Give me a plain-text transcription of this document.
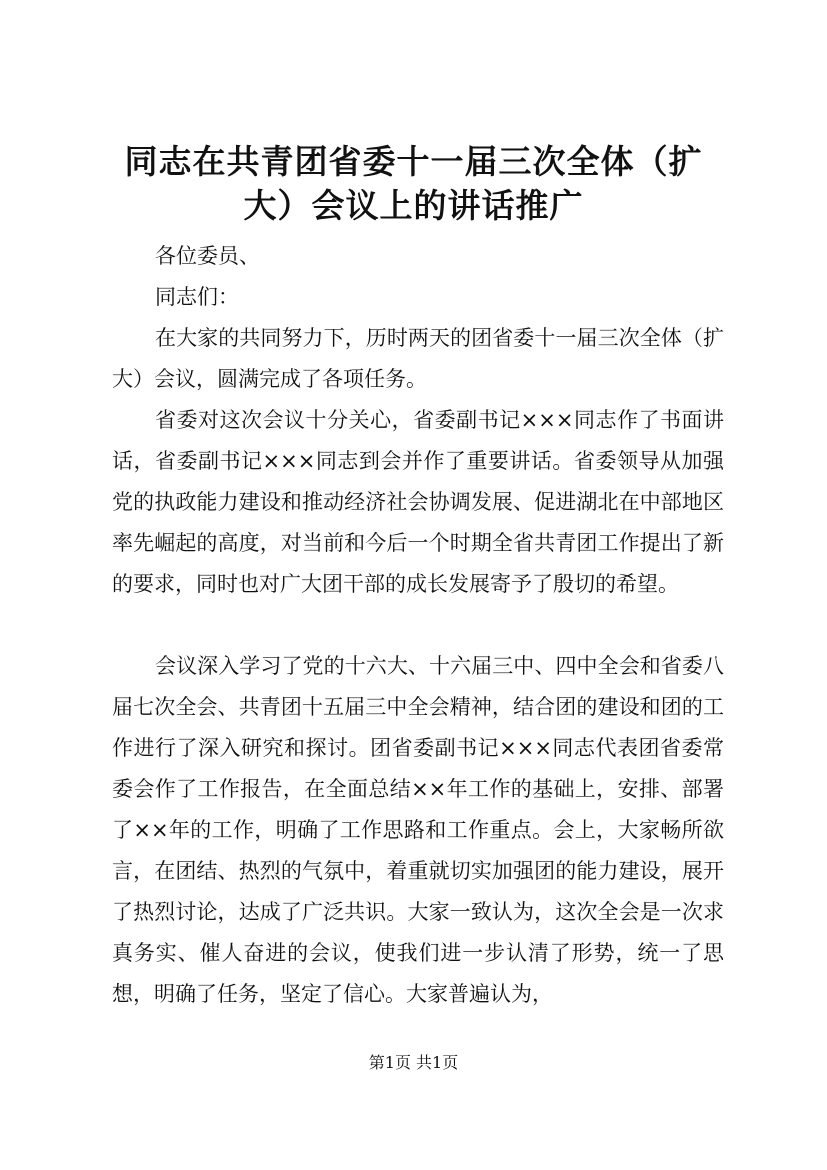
同志在共青团省委十一届三次全体（扩大）会议上的讲话推广

各位委员、

同志们：

在大家的共同努力下，历时两天的团省委十一届三次全体（扩大）会议，圆满完成了各项任务。

省委对这次会议十分关心，省委副书记×××同志作了书面讲话，省委副书记×××同志到会并作了重要讲话。省委领导从加强党的执政能力建设和推动经济社会协调发展、促进湖北在中部地区率先崛起的高度，对当前和今后一个时期全省共青团工作提出了新的要求，同时也对广大团干部的成长发展寄予了殷切的希望。

会议深入学习了党的十六大、十六届三中、四中全会和省委八届七次全会、共青团十五届三中全会精神，结合团的建设和团的工作进行了深入研究和探讨。团省委副书记×××同志代表团省委常委会作了工作报告，在全面总结××年工作的基础上，安排、部署了××年的工作，明确了工作思路和工作重点。会上，大家畅所欲言，在团结、热烈的气氛中，着重就切实加强团的能力建设，展开了热烈讨论，达成了广泛共识。大家一致认为，这次全会是一次求真务实、催人奋进的会议，使我们进一步认清了形势，统一了思想，明确了任务，坚定了信心。大家普遍认为，

第1页 共1页
